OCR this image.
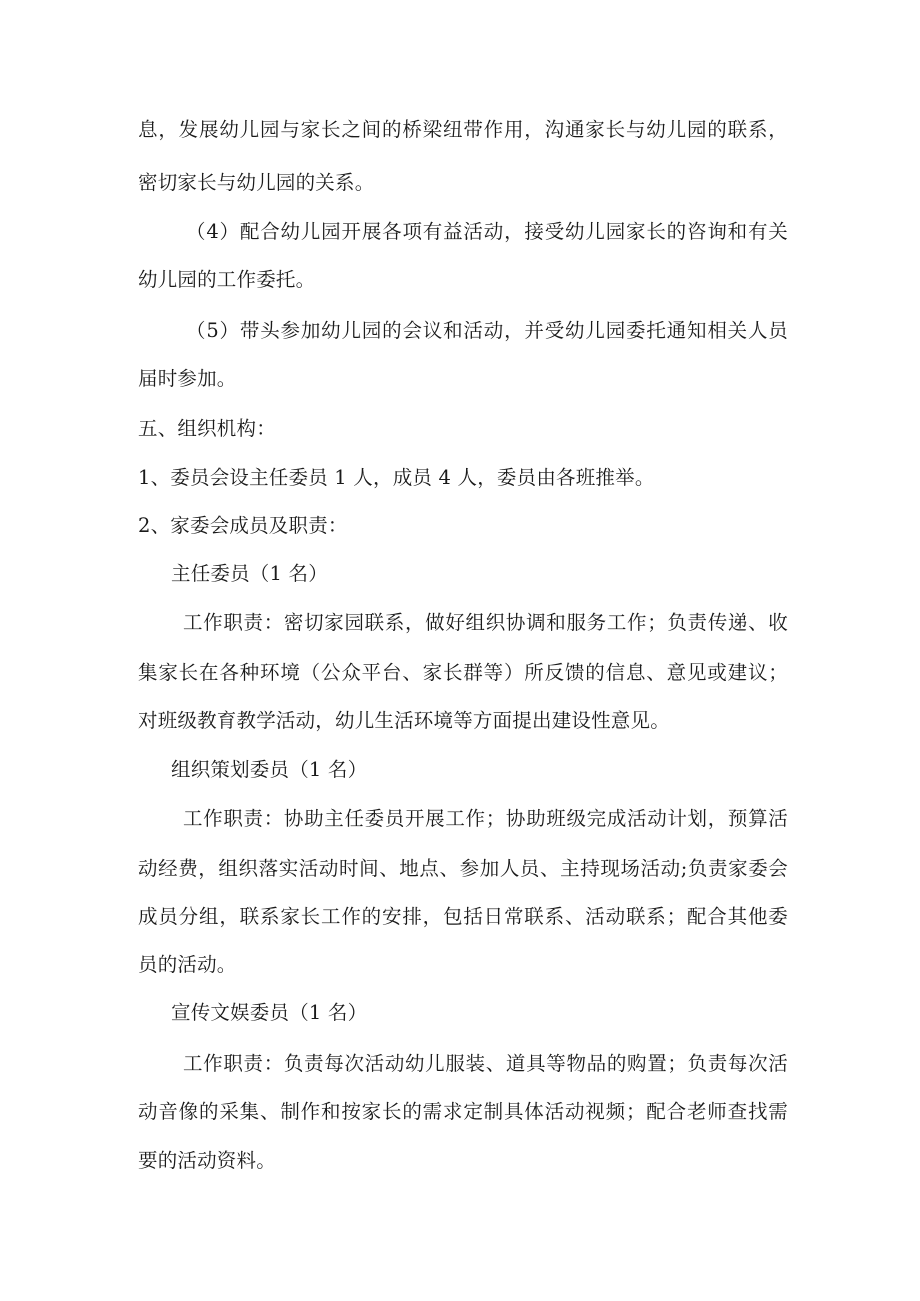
息，发展幼儿园与家长之间的桥梁纽带作用，沟通家长与幼儿园的联系，
密切家长与幼儿园的关系。
（4）配合幼儿园开展各项有益活动，接受幼儿园家长的咨询和有关
幼儿园的工作委托。
（5）带头参加幼儿园的会议和活动，并受幼儿园委托通知相关人员
届时参加。
五、组织机构：
1、委员会设主任委员 1 人，成员 4 人，委员由各班推举。
2、家委会成员及职责：
主任委员（1 名）
工作职责：密切家园联系，做好组织协调和服务工作；负责传递、收
集家长在各种环境（公众平台、家长群等）所反馈的信息、意见或建议；
对班级教育教学活动，幼儿生活环境等方面提出建设性意见。
组织策划委员（1 名）
工作职责：协助主任委员开展工作；协助班级完成活动计划，预算活
动经费，组织落实活动时间、地点、参加人员、主持现场活动;负责家委会
成员分组，联系家长工作的安排，包括日常联系、活动联系；配合其他委
员的活动。
宣传文娱委员（1 名）
工作职责：负责每次活动幼儿服装、道具等物品的购置；负责每次活
动音像的采集、制作和按家长的需求定制具体活动视频；配合老师查找需
要的活动资料。
